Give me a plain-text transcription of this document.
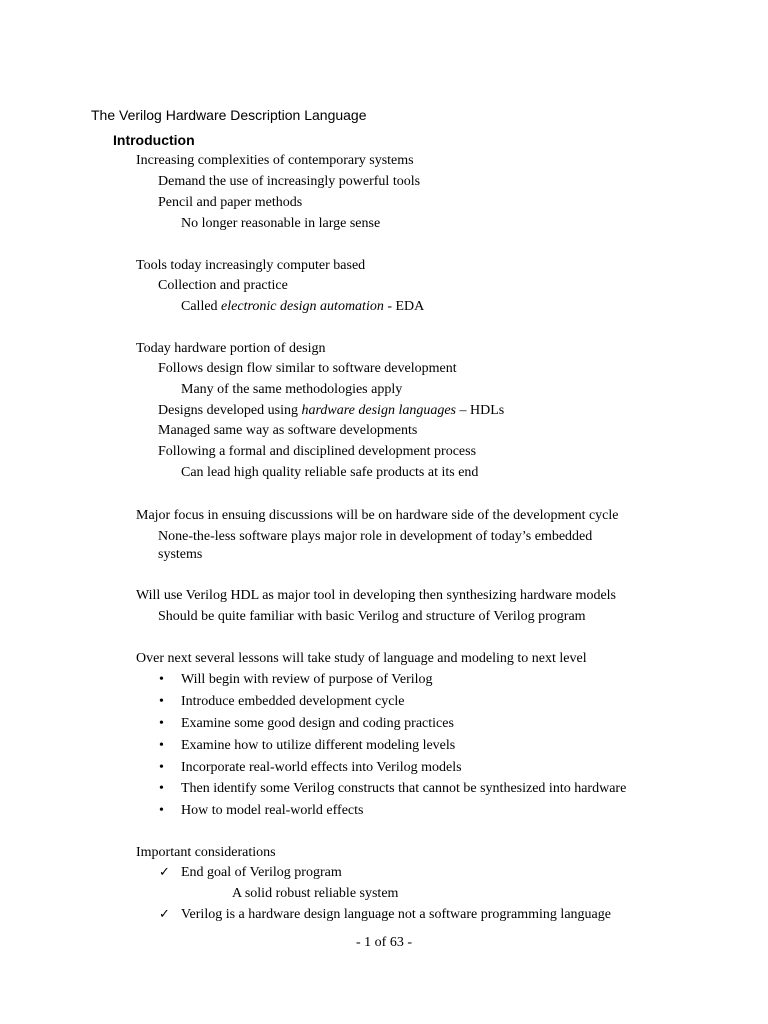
The Verilog Hardware Description Language
Introduction
Increasing complexities of contemporary systems
Demand the use of increasingly powerful tools
Pencil and paper methods
No longer reasonable in large sense
Tools today increasingly computer based
Collection and practice
Called electronic design automation - EDA
Today hardware portion of design
Follows design flow similar to software development
Many of the same methodologies apply
Designs developed using hardware design languages – HDLs
Managed same way as software developments
Following a formal and disciplined development process
Can lead high quality reliable safe products at its end
Major focus in ensuing discussions will be on hardware side of the development cycle
None-the-less software plays major role in development of today’s embedded
systems
Will use Verilog HDL as major tool in developing then synthesizing hardware models
Should be quite familiar with basic Verilog and structure of Verilog program
Over next several lessons will take study of language and modeling to next level
• Will begin with review of purpose of Verilog
• Introduce embedded development cycle
• Examine some good design and coding practices
• Examine how to utilize different modeling levels
• Incorporate real-world effects into Verilog models
• Then identify some Verilog constructs that cannot be synthesized into hardware
• How to model real-world effects
Important considerations
✓ End goal of Verilog program
A solid robust reliable system
✓ Verilog is a hardware design language not a software programming language
- 1 of 63 -
